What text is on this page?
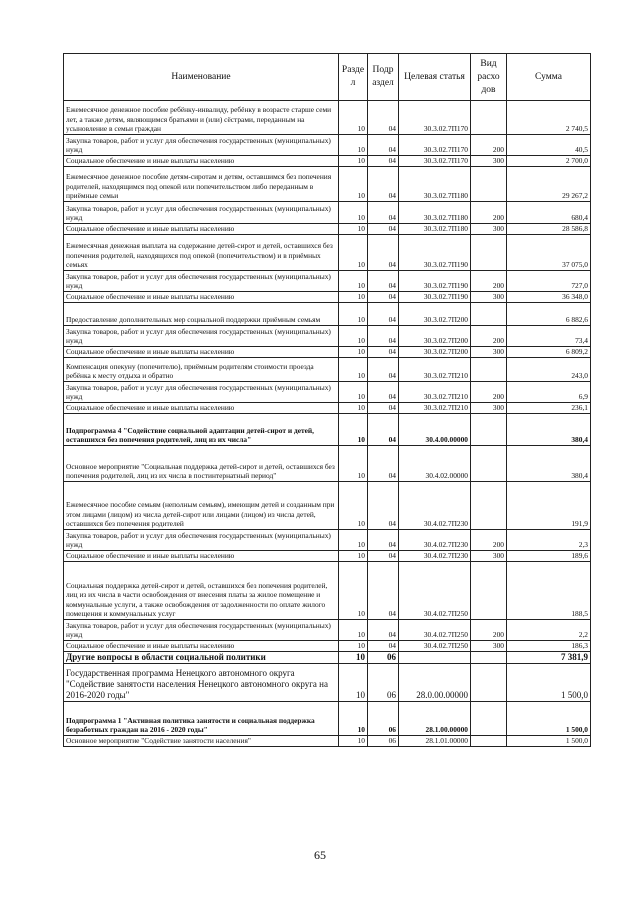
Наименование	Разде л	Подр аздел	Целевая статья	Вид расхо дов	Сумма
Ежемесячное денежное пособие ребёнку-инвалиду, ребёнку в возрасте старше семи лет, а также детям, являющимся братьями и (или) сёстрами, переданным на усыновление в семьи граждан	10	04	30.3.02.7П170		2 740,5
Закупка товаров, работ и услуг для обеспечения государственных (муниципальных) нужд	10	04	30.3.02.7П170	200	40,5
Социальное обеспечение и иные выплаты населению	10	04	30.3.02.7П170	300	2 700,0
Ежемесячное денежное пособие детям-сиротам и детям, оставшимся без попечения родителей, находящимся под опекой или попечительством либо переданным в приёмные семьи	10	04	30.3.02.7П180		29 267,2
Закупка товаров, работ и услуг для обеспечения государственных (муниципальных) нужд	10	04	30.3.02.7П180	200	680,4
Социальное обеспечение и иные выплаты населению	10	04	30.3.02.7П180	300	28 586,8
Ежемесячная денежная выплата на содержание детей-сирот и детей, оставшихся без попечения родителей, находящихся под опекой (попечительством) и в приёмных семьях	10	04	30.3.02.7П190		37 075,0
Закупка товаров, работ и услуг для обеспечения государственных (муниципальных) нужд	10	04	30.3.02.7П190	200	727,0
Социальное обеспечение и иные выплаты населению	10	04	30.3.02.7П190	300	36 348,0
Предоставление дополнительных мер социальной поддержки приёмным семьям	10	04	30.3.02.7П200		6 882,6
Закупка товаров, работ и услуг для обеспечения государственных (муниципальных) нужд	10	04	30.3.02.7П200	200	73,4
Социальное обеспечение и иные выплаты населению	10	04	30.3.02.7П200	300	6 809,2
Компенсация опекуну (попечителю), приёмным родителям стоимости проезда ребёнка к месту отдыха и обратно	10	04	30.3.02.7П210		243,0
Закупка товаров, работ и услуг для обеспечения государственных (муниципальных) нужд	10	04	30.3.02.7П210	200	6,9
Социальное обеспечение и иные выплаты населению	10	04	30.3.02.7П210	300	236,1
Подпрограмма 4 "Содействие социальной адаптации детей-сирот и детей, оставшихся без попечения родителей, лиц из их числа"	10	04	30.4.00.00000		380,4
Основное мероприятие "Социальная поддержка детей-сирот и детей, оставшихся без попечения родителей, лиц из их числа в постинтернатный период"	10	04	30.4.02.00000		380,4
Ежемесячное пособие семьям (неполным семьям), имеющим детей и созданным при этом лицами (лицом) из числа детей-сирот или лицами (лицом) из числа детей, оставшихся без попечения родителей	10	04	30.4.02.7П230		191,9
Закупка товаров, работ и услуг для обеспечения государственных (муниципальных) нужд	10	04	30.4.02.7П230	200	2,3
Социальное обеспечение и иные выплаты населению	10	04	30.4.02.7П230	300	189,6
Социальная поддержка детей-сирот и детей, оставшихся без попечения родителей, лиц из их числа в части освобождения от внесения платы за жилое помещение и коммунальные услуги, а также освобождения от задолженности по оплате жилого помещения и коммунальных услуг	10	04	30.4.02.7П250		188,5
Закупка товаров, работ и услуг для обеспечения государственных (муниципальных) нужд	10	04	30.4.02.7П250	200	2,2
Социальное обеспечение и иные выплаты населению	10	04	30.4.02.7П250	300	186,3
Другие вопросы в области социальной политики	10	06			7 381,9
Государственная программа Ненецкого автономного округа "Содействие занятости населения Ненецкого автономного округа на 2016-2020 годы"	10	06	28.0.00.00000		1 500,0
Подпрограмма 1 "Активная политика занятости и социальная поддержка безработных граждан на 2016 - 2020 годы"	10	06	28.1.00.00000		1 500,0
Основное мероприятие "Содействие занятости населения"	10	06	28.1.01.00000		1 500,0
65
